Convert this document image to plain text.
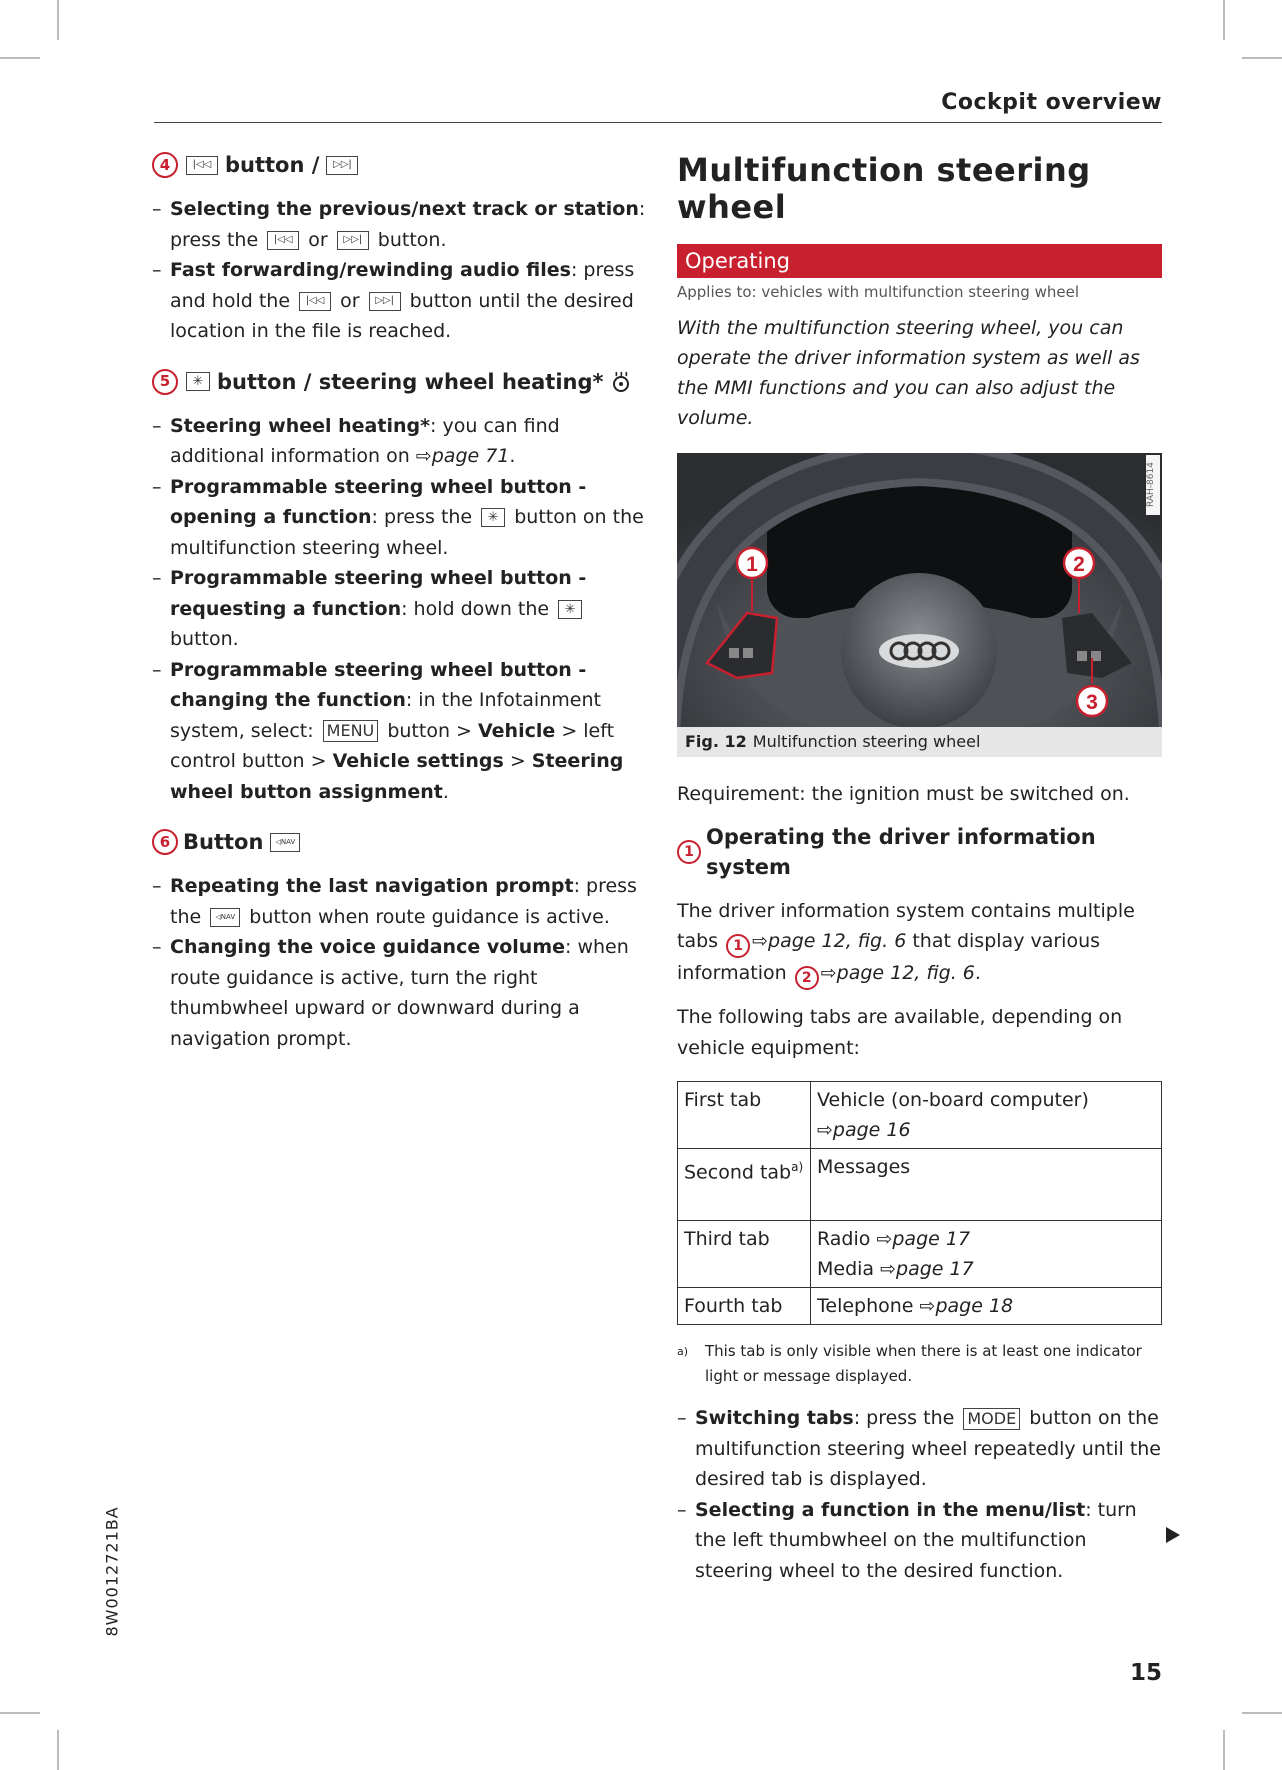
Cockpit overview
4	|◁◁ button /	▷▷|
– Selecting the previous/next track or station: press the |◁◁ or ▷▷| button.
– Fast forwarding/rewinding audio files: press and hold the |◁◁ or ▷▷| button until the desired location in the file is reached.
5	✳ button / steering wheel heating*
– Steering wheel heating*: you can find additional information on ⇨page 71.
– Programmable steering wheel button - opening a function: press the ✳ button on the multifunction steering wheel.
– Programmable steering wheel button - requesting a function: hold down the ✳ button.
– Programmable steering wheel button - changing the function: in the Infotainment system, select: MENU button > Vehicle > left control button > Vehicle settings > Steering wheel button assignment.
6 Button	◁NAV
– Repeating the last navigation prompt: press the ◁NAV button when route guidance is active.
– Changing the voice guidance volume: when route guidance is active, turn the right thumbwheel upward or downward during a navigation prompt.
Multifunction steering wheel
Operating
Applies to: vehicles with multifunction steering wheel
With the multifunction steering wheel, you can operate the driver information system as well as the MMI functions and you can also adjust the volume.
1	2
3
RAH-8614
Fig. 12 Multifunction steering wheel
Requirement: the ignition must be switched on.
1
Operating the driver information system
The driver information system contains multiple tabs 1 ⇨page 12, fig. 6 that display various information 2 ⇨page 12, fig. 6.
The following tabs are available, depending on vehicle equipment:
First tab	Vehicle (on-board computer)
⇨page 16
Second tab$^{a)}$	Messages
Third tab	Radio ⇨page 17
Media ⇨page 17
Fourth tab	Telephone ⇨page 18
a)	This tab is only visible when there is at least one indicator light or message displayed.
– Switching tabs: press the MODE button on the multifunction steering wheel repeatedly until the desired tab is displayed.
– Selecting a function in the menu/list: turn the left thumbwheel on the multifunction steering wheel to the desired function.
8W0012721BA
15
